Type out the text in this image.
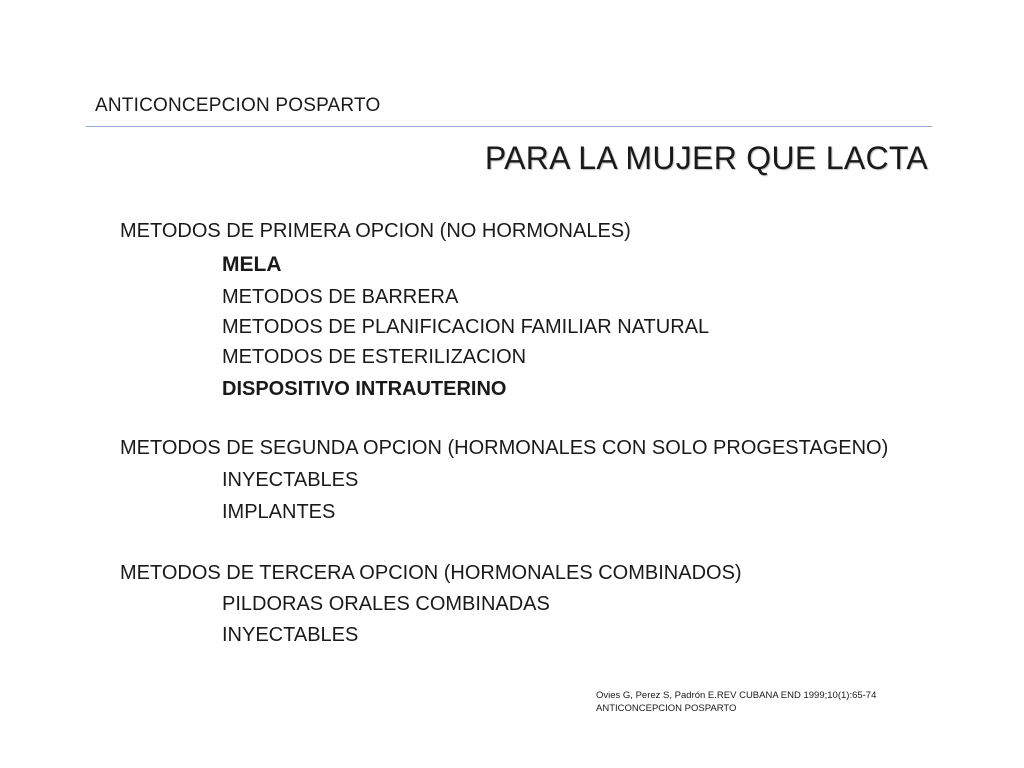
ANTICONCEPCION POSPARTO
PARA LA MUJER QUE LACTA
METODOS DE PRIMERA OPCION (NO HORMONALES)
MELA
METODOS DE BARRERA
METODOS DE PLANIFICACION FAMILIAR NATURAL
METODOS DE ESTERILIZACION
DISPOSITIVO INTRAUTERINO
METODOS DE SEGUNDA OPCION (HORMONALES CON SOLO PROGESTAGENO)
INYECTABLES
IMPLANTES
METODOS DE TERCERA OPCION (HORMONALES COMBINADOS)
PILDORAS ORALES COMBINADAS
INYECTABLES
Ovies G, Perez S, Padrón E.REV CUBANA END 1999;10(1):65-74
ANTICONCEPCION POSPARTO
